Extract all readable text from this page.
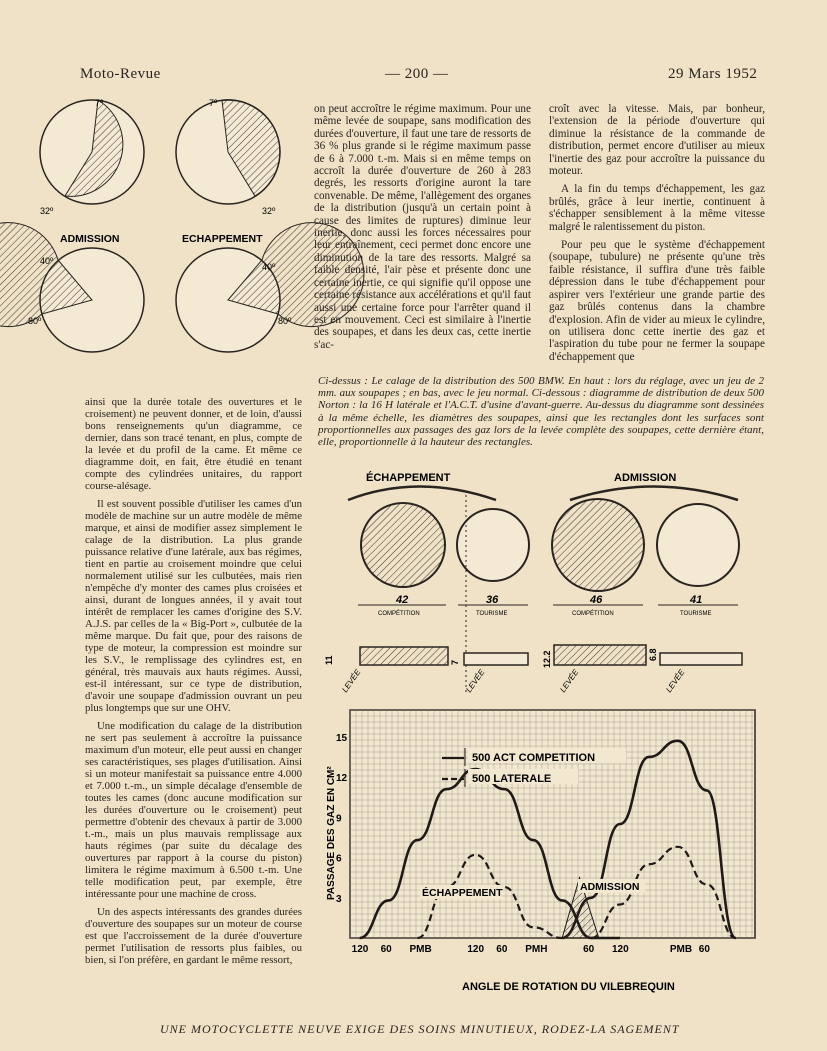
Moto-Revue	— 200 —	29 Mars 1952
7º
32º
7º
32º
40º
80º
40º
80º
ADMISSION	ECHAPPEMENT

on peut accroître le régime maximum. Pour une même levée de soupape, sans modification des durées d'ouverture, il faut une tare de ressorts de 36 % plus grande si le régime maximum passe de 6 à 7.000 t.-m. Mais si en même temps on accroît la durée d'ouverture de 260 à 283 degrés, les ressorts d'origine auront la tare convenable. De même, l'allègement des organes de la distribution (jusqu'à un certain point à cause des limites de ruptures) diminue leur inertie, donc aussi les forces nécessaires pour leur entraînement, ceci permet donc encore une diminution de la tare des ressorts. Malgré sa faible densité, l'air pèse et présente donc une certaine inertie, ce qui signifie qu'il oppose une certaine résistance aux accélérations et qu'il faut aussi une certaine force pour l'arrêter quand il est en mouvement. Ceci est similaire à l'inertie des soupapes, et dans les deux cas, cette inertie s'ac-

croît avec la vitesse. Mais, par bonheur, l'extension de la période d'ouverture qui diminue la résistance de la commande de distribution, permet encore d'utiliser au mieux l'inertie des gaz pour accroître la puissance du moteur.

A la fin du temps d'échappement, les gaz brûlés, grâce à leur inertie, continuent à s'échapper sensiblement à la même vitesse malgré le ralentissement du piston.

Pour peu que le système d'échappement (soupape, tubulure) ne présente qu'une très faible résistance, il suffira d'une très faible dépression dans le tube d'échappement pour aspirer vers l'extérieur une grande partie des gaz brûlés contenus dans la chambre d'explosion. Afin de vider au mieux le cylindre, on utilisera donc cette inertie des gaz et l'aspiration du tube pour ne fermer la soupape d'échappement que

ainsi que la durée totale des ouvertures et le croisement) ne peuvent donner, et de loin, d'aussi bons renseignements qu'un diagramme, ce dernier, dans son tracé tenant, en plus, compte de la levée et du profil de la came. Et même ce diagramme doit, en fait, être étudié en tenant compte des cylindrées unitaires, du rapport course-alésage.

Il est souvent possible d'utiliser les cames d'un modèle de machine sur un autre modèle de même marque, et ainsi de modifier assez simplement le calage de la distribution. La plus grande puissance relative d'une latérale, aux bas régimes, tient en partie au croisement moindre que celui normalement utilisé sur les culbutées, mais rien n'empêche d'y monter des cames plus croisées et ainsi, durant de longues années, il y avait tout intérêt de remplacer les cames d'origine des S.V. A.J.S. par celles de la « Big-Port », culbutée de la même marque. Du fait que, pour des raisons de type de moteur, la compression est moindre sur les S.V., le remplissage des cylindres est, en général, très mauvais aux hauts régimes. Aussi, est-il intéressant, sur ce type de distribution, d'avoir une soupape d'admission ouvrant un peu plus longtemps que sur une OHV.

Une modification du calage de la distribution ne sert pas seulement à accroître la puissance maximum d'un moteur, elle peut aussi en changer ses caractéristiques, ses plages d'utilisation. Ainsi si un moteur manifestait sa puissance entre 4.000 et 7.000 t.-m., un simple décalage d'ensemble de toutes les cames (donc aucune modification sur les durées d'ouverture ou le croisement) peut permettre d'obtenir des chevaux à partir de 3.000 t.-m., mais un plus mauvais remplissage aux hauts régimes (par suite du décalage des ouvertures par rapport à la course du piston) limitera le régime maximum à 6.500 t.-m. Une telle modification peut, par exemple, être intéressante pour une machine de cross.

Un des aspects intéressants des grandes durées d'ouverture des soupapes sur un moteur de course est que l'accroissement de la durée d'ouverture permet l'utilisation de ressorts plus faibles, ou bien, si l'on préfère, en gardant le même ressort,

Ci-dessus : Le calage de la distribution des 500 BMW. En haut : lors du réglage, avec un jeu de 2 mm. aux soupapes ; en bas, avec le jeu normal. Ci-dessous : diagramme de distribution de deux 500 Norton : la 16 H latérale et l'A.C.T. d'usine d'avant-guerre. Au-dessus du diagramme sont dessinées à la même échelle, les diamètres des soupapes, ainsi que les rectangles dont les surfaces sont proportionnelles aux passages des gaz lors de la levée complète des soupapes, cette dernière étant, elle, proportionnelle à la hauteur des rectangles.
ÉCHAPPEMENT	ADMISSION
42	36	46	41
COMPÉTITION	TOURISME	COMPÉTITION	TOURISME
11	7	12.2	6.8
LEVÉE	LEVÉE	LEVÉE	LEVÉE
500 ACT COMPETITION
500 LATERALE
PASSAGE DES GAZ EN CM²
ANGLE DE ROTATION DU VILEBREQUIN
120 60 PMB	120 60 PMH	60 120	PMB 60
3
6
9
12
15
ÉCHAPPEMENT	ADMISSION
UNE MOTOCYCLETTE NEUVE EXIGE DES SOINS MINUTIEUX, RODEZ-LA SAGEMENT
